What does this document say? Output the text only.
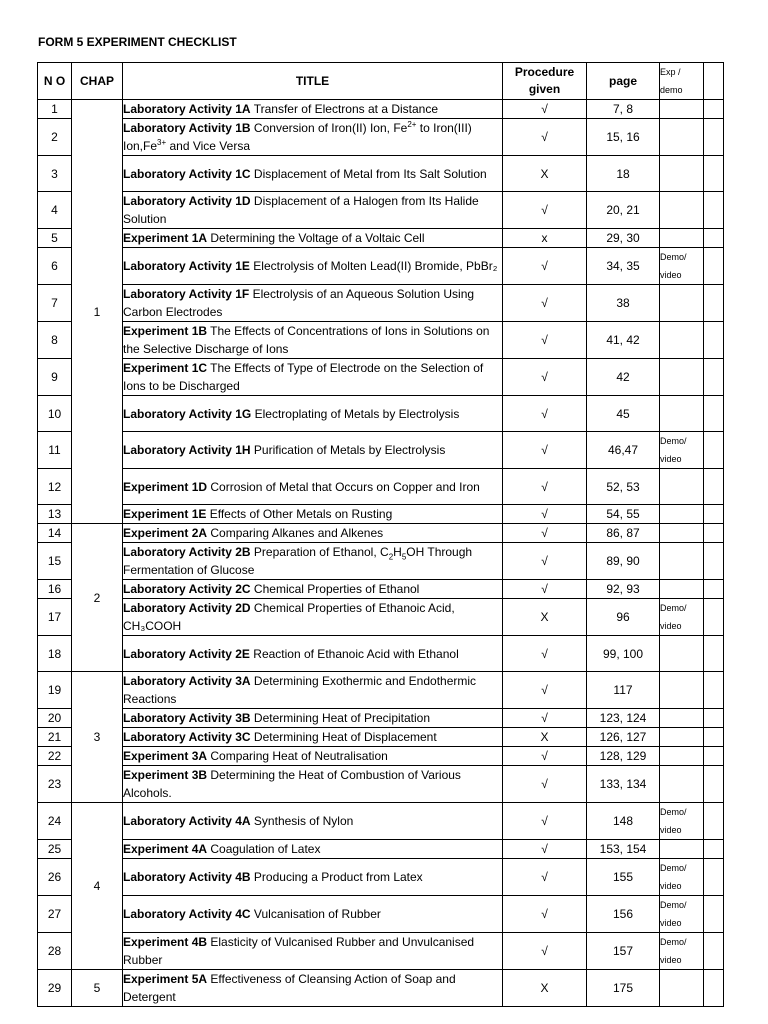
FORM 5 EXPERIMENT CHECKLIST
N O	CHAP	TITLE	Procedure given	page	Exp / demo	
1	1	Laboratory Activity 1A Transfer of Electrons at a Distance	√	7, 8		
2		Laboratory Activity 1B Conversion of Iron(II) Ion, $Fe^{2+}$ to Iron(III) $Ion,Fe^{3+}$ and Vice Versa	√	15, 16		
3		Laboratory Activity 1C Displacement of Metal from Its Salt Solution	X	18		
4		Laboratory Activity 1D Displacement of a Halogen from Its Halide Solution	√	20, 21		
5		Experiment 1A Determining the Voltage of a Voltaic Cell	x	29, 30		
6		Laboratory Activity 1E Electrolysis of Molten Lead(II) Bromide, PbBr₂	√	34, 35	Demo/ video	
7		Laboratory Activity 1F Electrolysis of an Aqueous Solution Using Carbon Electrodes	√	38		
8		Experiment 1B The Effects of Concentrations of Ions in Solutions on the Selective Discharge of Ions	√	41, 42		
9		Experiment 1C The Effects of Type of Electrode on the Selection of Ions to be Discharged	√	42		
10		Laboratory Activity 1G Electroplating of Metals by Electrolysis	√	45		
11		Laboratory Activity 1H Purification of Metals by Electrolysis	√	46,47	Demo/ video	
12		Experiment 1D Corrosion of Metal that Occurs on Copper and Iron	√	52, 53		
13		Experiment 1E Effects of Other Metals on Rusting	√	54, 55		
14	2	Experiment 2A Comparing Alkanes and Alkenes	√	86, 87		
15		Laboratory Activity 2B Preparation of Ethanol, $C_2H_5OH$ Through Fermentation of Glucose	√	89, 90		
16		Laboratory Activity 2C Chemical Properties of Ethanol	√	92, 93		
17		Laboratory Activity 2D Chemical Properties of Ethanoic Acid, CH₃COOH	X	96	Demo/ video	
18		Laboratory Activity 2E Reaction of Ethanoic Acid with Ethanol	√	99, 100		
19	3	Laboratory Activity 3A Determining Exothermic and Endothermic Reactions	√	117		
20		Laboratory Activity 3B Determining Heat of Precipitation	√	123, 124		
21		Laboratory Activity 3C Determining Heat of Displacement	X	126, 127		
22		Experiment 3A Comparing Heat of Neutralisation	√	128, 129		
23		Experiment 3B Determining the Heat of Combustion of Various Alcohols.	√	133, 134		
24	4	Laboratory Activity 4A Synthesis of Nylon	√	148	Demo/ video	
25		Experiment 4A Coagulation of Latex	√	153, 154		
26		Laboratory Activity 4B Producing a Product from Latex	√	155	Demo/ video	
27		Laboratory Activity 4C Vulcanisation of Rubber	√	156	Demo/ video	
28		Experiment 4B Elasticity of Vulcanised Rubber and Unvulcanised Rubber	√	157	Demo/ video	
29	5	Experiment 5A Effectiveness of Cleansing Action of Soap and Detergent	X	175		
